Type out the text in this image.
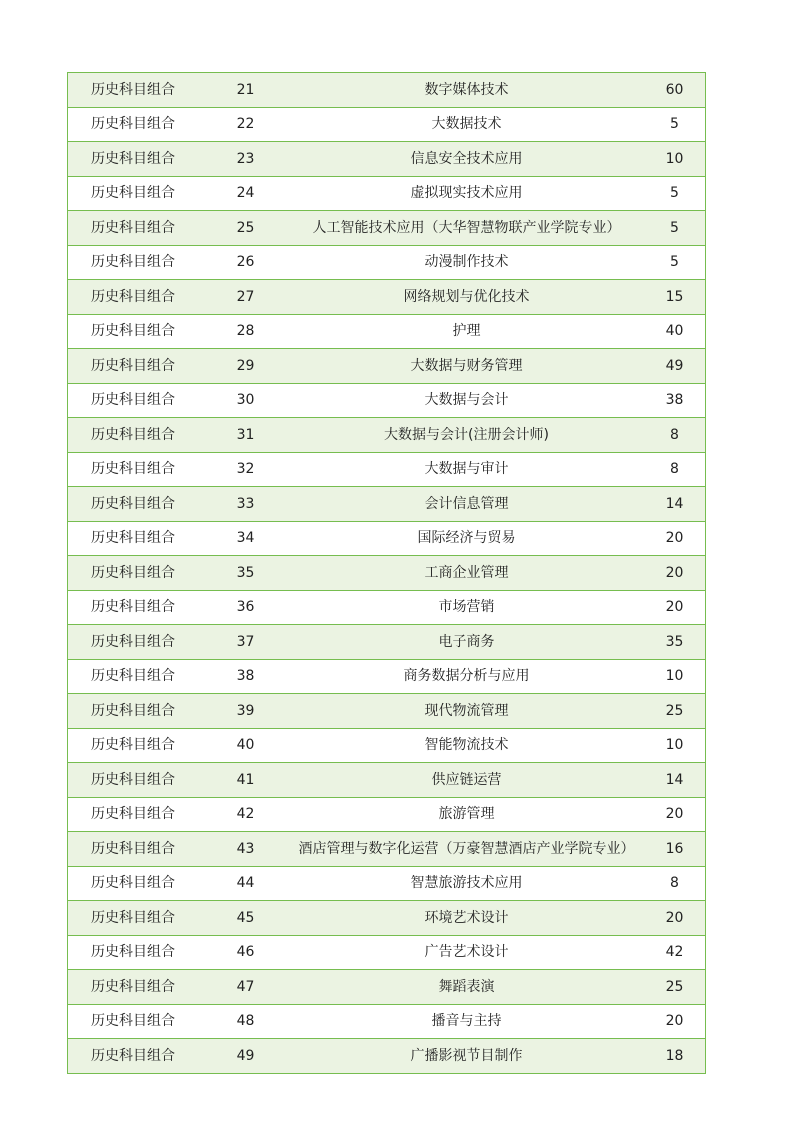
历史科目组合	21	数字媒体技术	60
历史科目组合	22	大数据技术	5
历史科目组合	23	信息安全技术应用	10
历史科目组合	24	虚拟现实技术应用	5
历史科目组合	25	人工智能技术应用（大华智慧物联产业学院专业）	5
历史科目组合	26	动漫制作技术	5
历史科目组合	27	网络规划与优化技术	15
历史科目组合	28	护理	40
历史科目组合	29	大数据与财务管理	49
历史科目组合	30	大数据与会计	38
历史科目组合	31	大数据与会计(注册会计师)	8
历史科目组合	32	大数据与审计	8
历史科目组合	33	会计信息管理	14
历史科目组合	34	国际经济与贸易	20
历史科目组合	35	工商企业管理	20
历史科目组合	36	市场营销	20
历史科目组合	37	电子商务	35
历史科目组合	38	商务数据分析与应用	10
历史科目组合	39	现代物流管理	25
历史科目组合	40	智能物流技术	10
历史科目组合	41	供应链运营	14
历史科目组合	42	旅游管理	20
历史科目组合	43	酒店管理与数字化运营（万豪智慧酒店产业学院专业）	16
历史科目组合	44	智慧旅游技术应用	8
历史科目组合	45	环境艺术设计	20
历史科目组合	46	广告艺术设计	42
历史科目组合	47	舞蹈表演	25
历史科目组合	48	播音与主持	20
历史科目组合	49	广播影视节目制作	18
